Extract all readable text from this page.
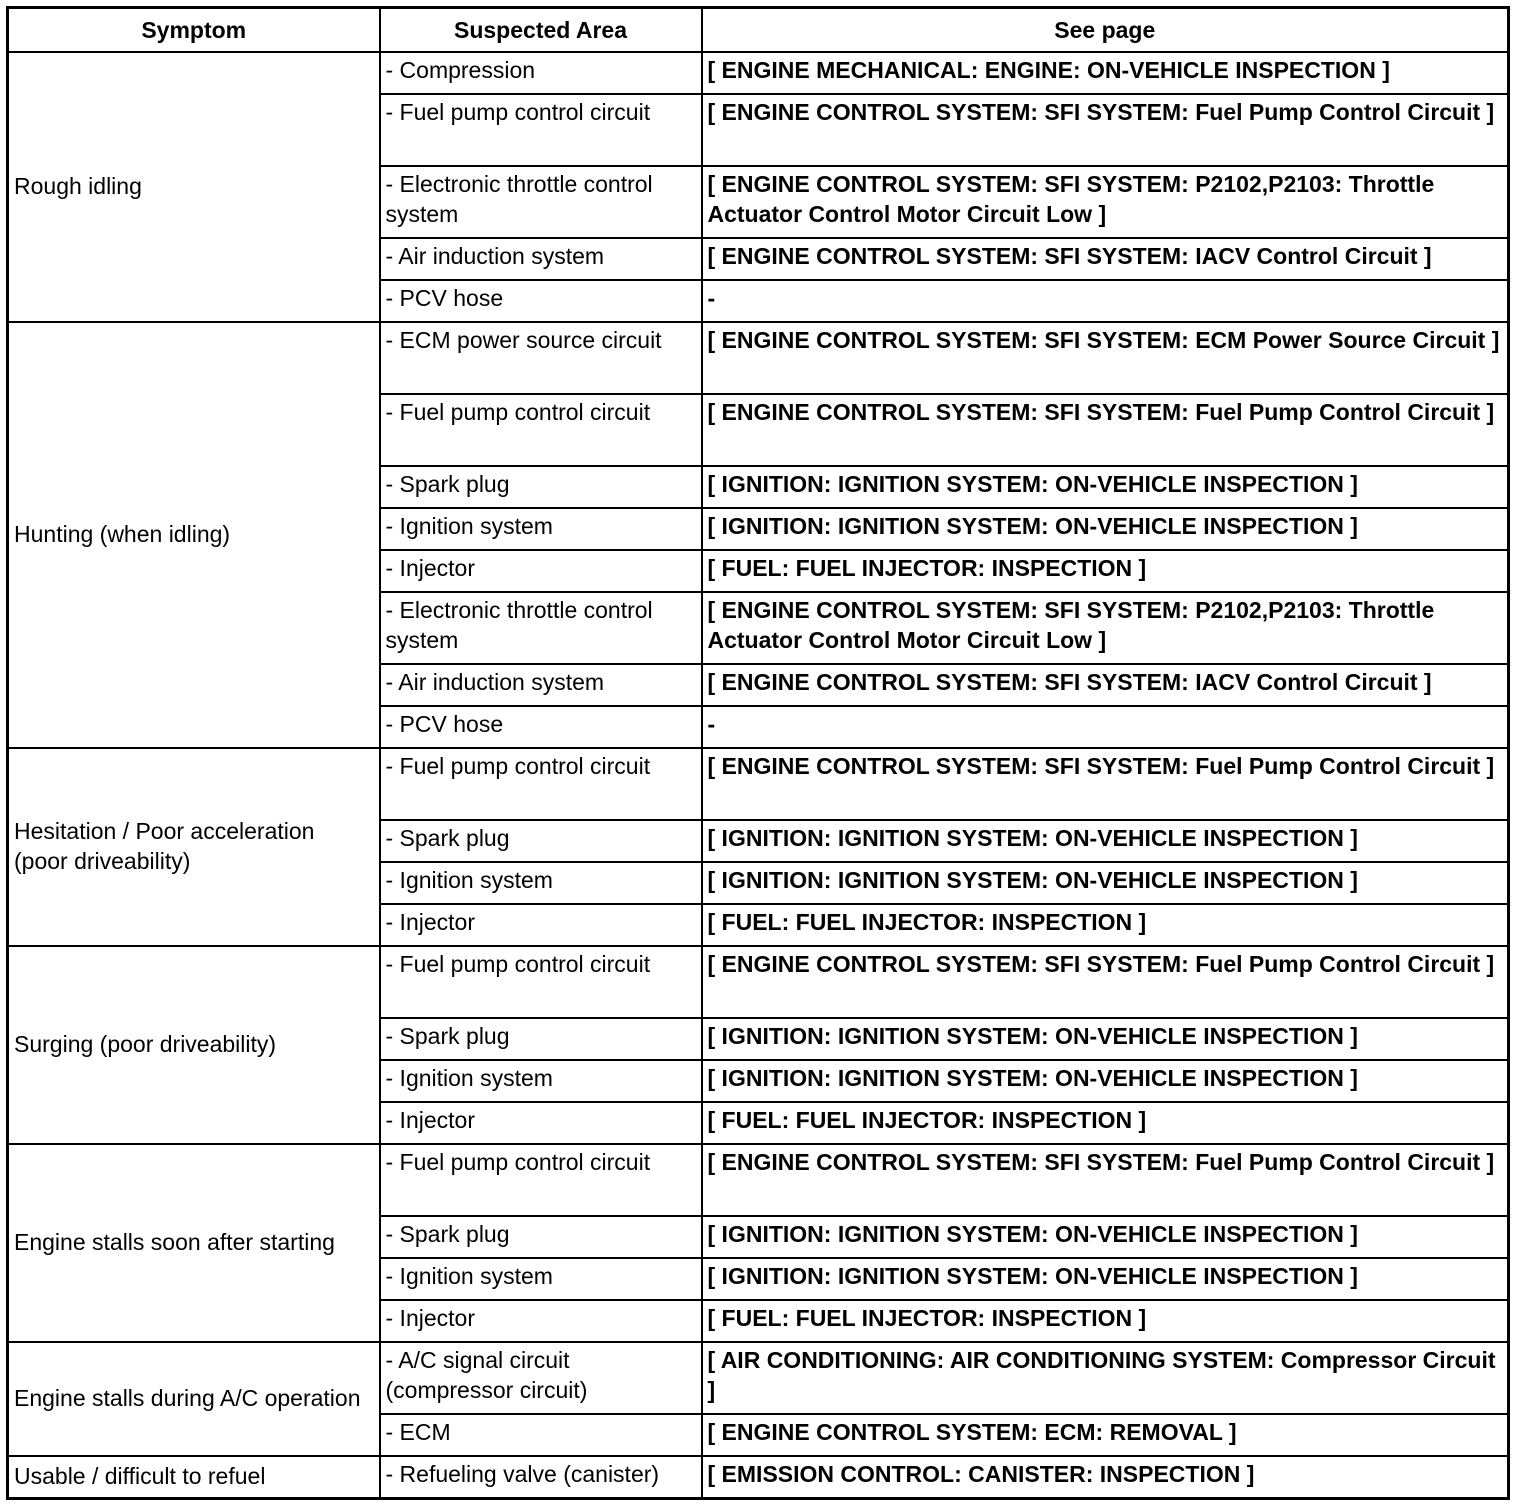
Symptom	Suspected Area	See page
Rough idling	- Compression	[ ENGINE MECHANICAL: ENGINE: ON-VEHICLE INSPECTION ]
	- Fuel pump control circuit	[ ENGINE CONTROL SYSTEM: SFI SYSTEM: Fuel Pump Control Circuit ]
	- Electronic throttle control system	[ ENGINE CONTROL SYSTEM: SFI SYSTEM: P2102,P2103: Throttle Actuator Control Motor Circuit Low ]
	- Air induction system	[ ENGINE CONTROL SYSTEM: SFI SYSTEM: IACV Control Circuit ]
	- PCV hose	-
Hunting (when idling)	- ECM power source circuit	[ ENGINE CONTROL SYSTEM: SFI SYSTEM: ECM Power Source Circuit ]
	- Fuel pump control circuit	[ ENGINE CONTROL SYSTEM: SFI SYSTEM: Fuel Pump Control Circuit ]
	- Spark plug	[ IGNITION: IGNITION SYSTEM: ON-VEHICLE INSPECTION ]
	- Ignition system	[ IGNITION: IGNITION SYSTEM: ON-VEHICLE INSPECTION ]
	- Injector	[ FUEL: FUEL INJECTOR: INSPECTION ]
	- Electronic throttle control system	[ ENGINE CONTROL SYSTEM: SFI SYSTEM: P2102,P2103: Throttle Actuator Control Motor Circuit Low ]
	- Air induction system	[ ENGINE CONTROL SYSTEM: SFI SYSTEM: IACV Control Circuit ]
	- PCV hose	-
Hesitation / Poor acceleration (poor driveability)	- Fuel pump control circuit	[ ENGINE CONTROL SYSTEM: SFI SYSTEM: Fuel Pump Control Circuit ]
	- Spark plug	[ IGNITION: IGNITION SYSTEM: ON-VEHICLE INSPECTION ]
	- Ignition system	[ IGNITION: IGNITION SYSTEM: ON-VEHICLE INSPECTION ]
	- Injector	[ FUEL: FUEL INJECTOR: INSPECTION ]
Surging (poor driveability)	- Fuel pump control circuit	[ ENGINE CONTROL SYSTEM: SFI SYSTEM: Fuel Pump Control Circuit ]
	- Spark plug	[ IGNITION: IGNITION SYSTEM: ON-VEHICLE INSPECTION ]
	- Ignition system	[ IGNITION: IGNITION SYSTEM: ON-VEHICLE INSPECTION ]
	- Injector	[ FUEL: FUEL INJECTOR: INSPECTION ]
Engine stalls soon after starting	- Fuel pump control circuit	[ ENGINE CONTROL SYSTEM: SFI SYSTEM: Fuel Pump Control Circuit ]
	- Spark plug	[ IGNITION: IGNITION SYSTEM: ON-VEHICLE INSPECTION ]
	- Ignition system	[ IGNITION: IGNITION SYSTEM: ON-VEHICLE INSPECTION ]
	- Injector	[ FUEL: FUEL INJECTOR: INSPECTION ]
Engine stalls during A/C operation	- A/C signal circuit (compressor circuit)	[ AIR CONDITIONING: AIR CONDITIONING SYSTEM: Compressor Circuit ]
	- ECM	[ ENGINE CONTROL SYSTEM: ECM: REMOVAL ]
Usable / difficult to refuel	- Refueling valve (canister)	[ EMISSION CONTROL: CANISTER: INSPECTION ]
